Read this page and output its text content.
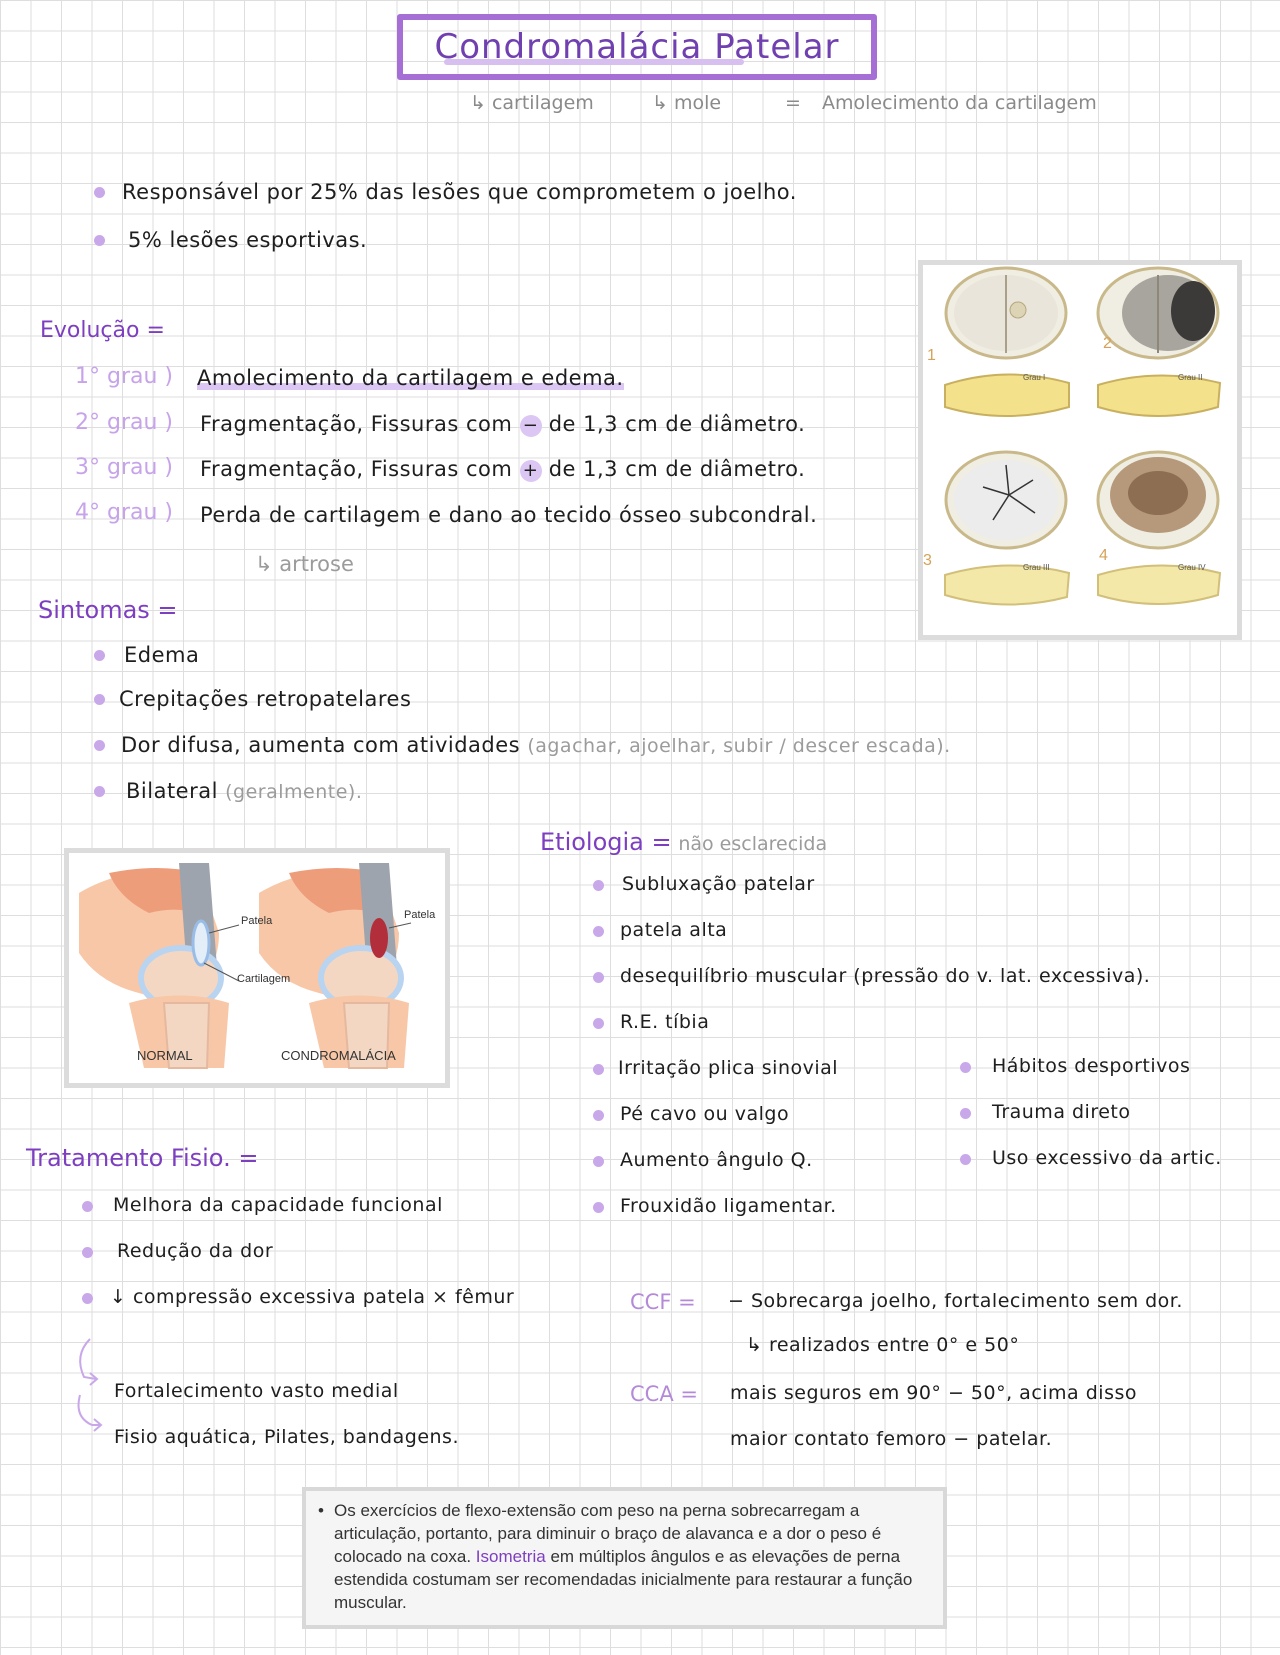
Condromalácia Patelar
↳ cartilagem	↳ mole	= Amolecimento da cartilagem
Responsável por 25% das lesões que comprometem o joelho.
5% lesões esportivas.
Evolução =
1° grau ) Amolecimento da cartilagem e edema.
2° grau ) Fragmentação, Fissuras com − de 1,3 cm de diâmetro.
3° grau ) Fragmentação, Fissuras com + de 1,3 cm de diâmetro.
4° grau ) Perda de cartilagem e dano ao tecido ósseo subcondral.
↳ artrose
1
2
3	4
Grau I	Grau II
Grau III	Grau IV
Sintomas =
Edema
Crepitações retropatelares
Dor difusa, aumenta com atividades (agachar, ajoelhar, subir / descer escada).
Bilateral (geralmente).
Patela	Patela
Cartilagem
NORMAL	CONDROMALÁCIA
Etiologia = não esclarecida
Subluxação patelar
patela alta
desequilíbrio muscular (pressão do v. lat. excessiva).
R.E. tíbia
Irritação plica sinovial
Pé cavo ou valgo
Aumento ângulo Q.
Frouxidão ligamentar.
Hábitos desportivos
Trauma direto
Uso excessivo da artic.
Tratamento Fisio. =
Melhora da capacidade funcional
Redução da dor
↓ compressão excessiva patela × fêmur
Fortalecimento vasto medial
Fisio aquática, Pilates, bandagens.
CCF = − Sobrecarga joelho, fortalecimento sem dor.
↳ realizados entre 0° e 50°
CCA = mais seguros em 90° − 50°, acima disso
maior contato femoro − patelar.
• Os exercícios de flexo-extensão com peso na perna sobrecarregam a articulação, portanto, para diminuir o braço de alavanca e a dor o peso é colocado na coxa. Isometria em múltiplos ângulos e as elevações de perna estendida costumam ser recomendadas inicialmente para restaurar a função muscular.
